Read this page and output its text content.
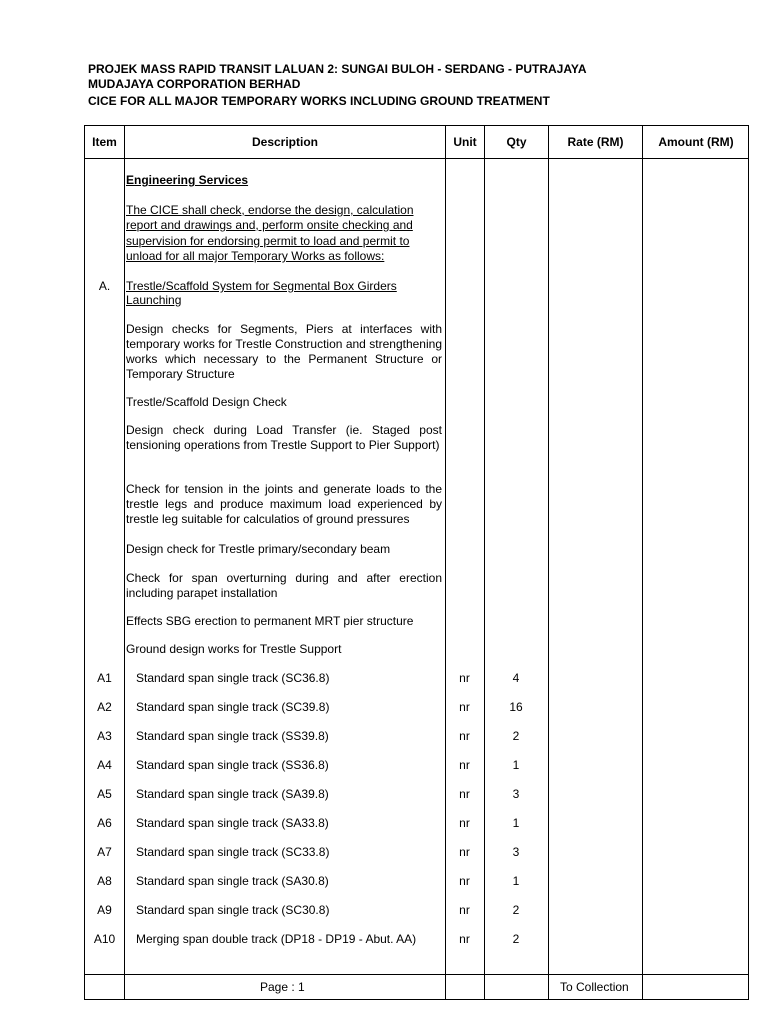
PROJEK MASS RAPID TRANSIT LALUAN 2: SUNGAI BULOH - SERDANG - PUTRAJAYA
MUDAJAYA CORPORATION BERHAD
CICE FOR ALL MAJOR TEMPORARY WORKS INCLUDING GROUND TREATMENT
Item	Description	Unit	Qty	Rate (RM)	Amount (RM)
Engineering Services
The CICE shall check, endorse the design, calculation
report and drawings and, perform onsite checking and
supervision for endorsing permit to load and permit to
unload for all major Temporary Works as follows:
A.	Trestle/Scaffold System for Segmental Box Girders
Launching
Design checks for Segments, Piers at interfaces with temporary works for Trestle Construction and strengthening works which necessary to the Permanent Structure or Temporary Structure
Trestle/Scaffold Design Check
Design check during Load Transfer (ie. Staged post tensioning operations from Trestle Support to Pier Support)
Check for tension in the joints and generate loads to the trestle legs and produce maximum load experienced by trestle leg suitable for calculatios of ground pressures
Design check for Trestle primary/secondary beam
Check for span overturning during and after erection including parapet installation
Effects SBG erection to permanent MRT pier structure
Ground design works for Trestle Support
A1	Standard span single track (SC36.8)	nr	4
A2	Standard span single track (SC39.8)	nr	16
A3	Standard span single track (SS39.8)	nr	2
A4	Standard span single track (SS36.8)	nr	1
A5	Standard span single track (SA39.8)	nr	3
A6	Standard span single track (SA33.8)	nr	1
A7	Standard span single track (SC33.8)	nr	3
A8	Standard span single track (SA30.8)	nr	1
A9	Standard span single track (SC30.8)	nr	2
A10	Merging span double track (DP18 - DP19 - Abut. AA)	nr	2
Page : 1	To Collection
